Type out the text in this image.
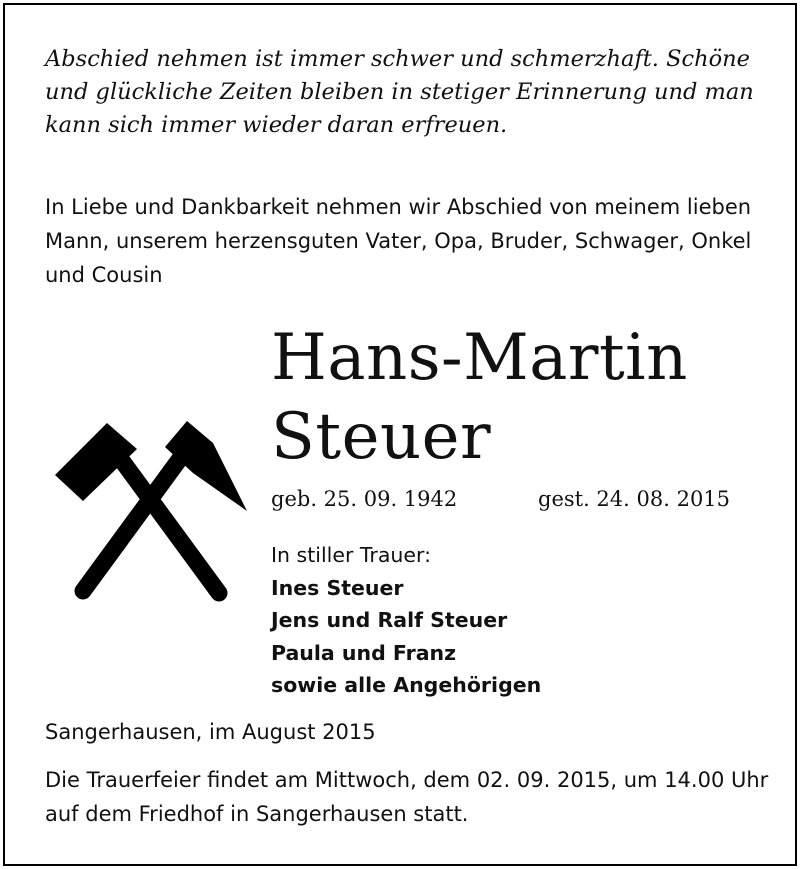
Abschied nehmen ist immer schwer und schmerzhaft. Schöne und glückliche Zeiten bleiben in stetiger Erinnerung und man kann sich immer wieder daran erfreuen.
In Liebe und Dankbarkeit nehmen wir Abschied von meinem lieben Mann, unserem herzensguten Vater, Opa, Bruder, Schwager, Onkel und Cousin
Hans-Martin
Steuer
geb. 25. 09. 1942	gest. 24. 08. 2015
In stiller Trauer:
Ines Steuer
Jens und Ralf Steuer
Paula und Franz
sowie alle Angehörigen
Sangerhausen, im August 2015
Die Trauerfeier findet am Mittwoch, dem 02. 09. 2015, um 14.00 Uhr auf dem Friedhof in Sangerhausen statt.
